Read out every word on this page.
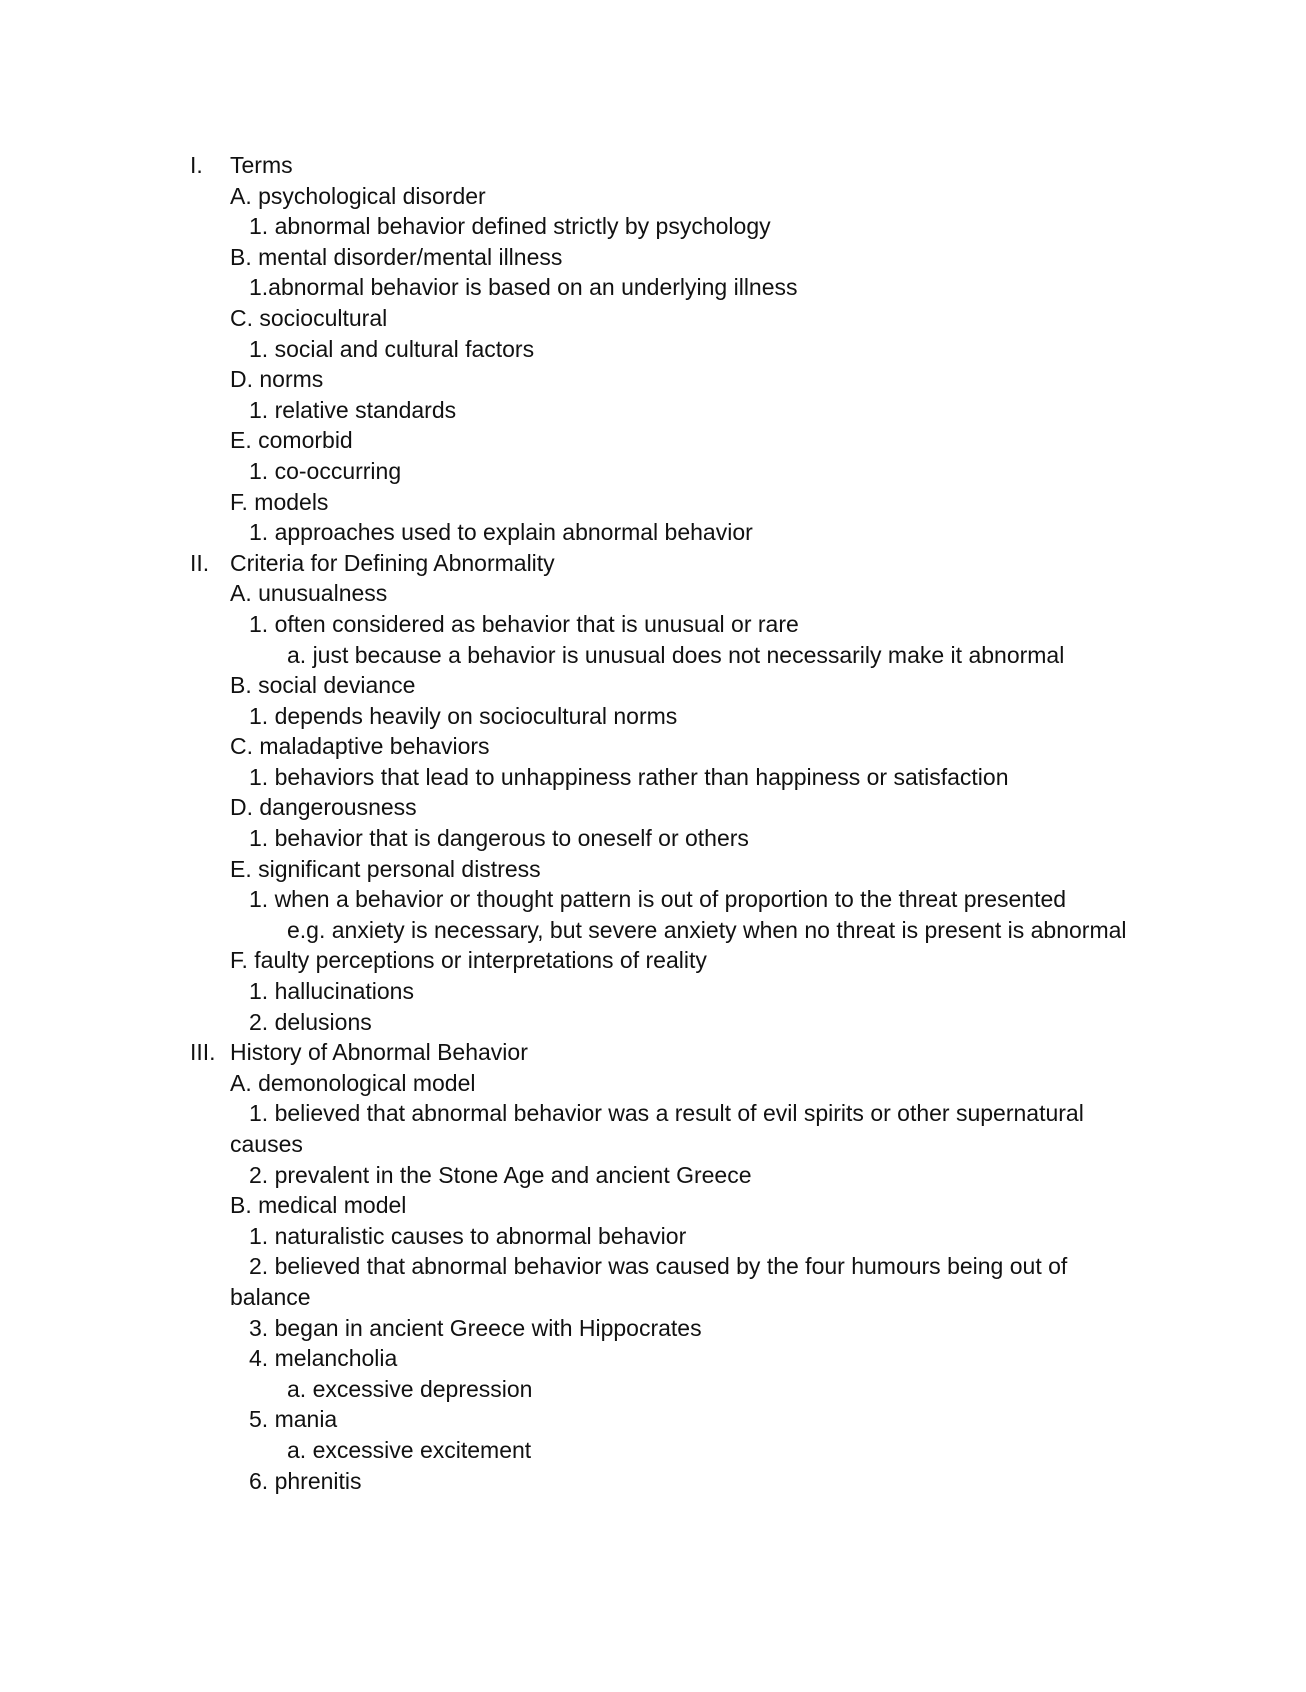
I. Terms
A. psychological disorder
1. abnormal behavior defined strictly by psychology
B. mental disorder/mental illness
1.abnormal behavior is based on an underlying illness
C. sociocultural
1. social and cultural factors
D. norms
1. relative standards
E. comorbid
1. co-occurring
F. models
1. approaches used to explain abnormal behavior
II. Criteria for Defining Abnormality
A. unusualness
1. often considered as behavior that is unusual or rare
a. just because a behavior is unusual does not necessarily make it abnormal
B. social deviance
1. depends heavily on sociocultural norms
C. maladaptive behaviors
1. behaviors that lead to unhappiness rather than happiness or satisfaction
D. dangerousness
1. behavior that is dangerous to oneself or others
E. significant personal distress
1. when a behavior or thought pattern is out of proportion to the threat presented
e.g. anxiety is necessary, but severe anxiety when no threat is present is abnormal
F. faulty perceptions or interpretations of reality
1. hallucinations
2. delusions
III. History of Abnormal Behavior
A. demonological model
1. believed that abnormal behavior was a result of evil spirits or other supernatural
causes
2. prevalent in the Stone Age and ancient Greece
B. medical model
1. naturalistic causes to abnormal behavior
2. believed that abnormal behavior was caused by the four humours being out of
balance
3. began in ancient Greece with Hippocrates
4. melancholia
a. excessive depression
5. mania
a. excessive excitement
6. phrenitis
